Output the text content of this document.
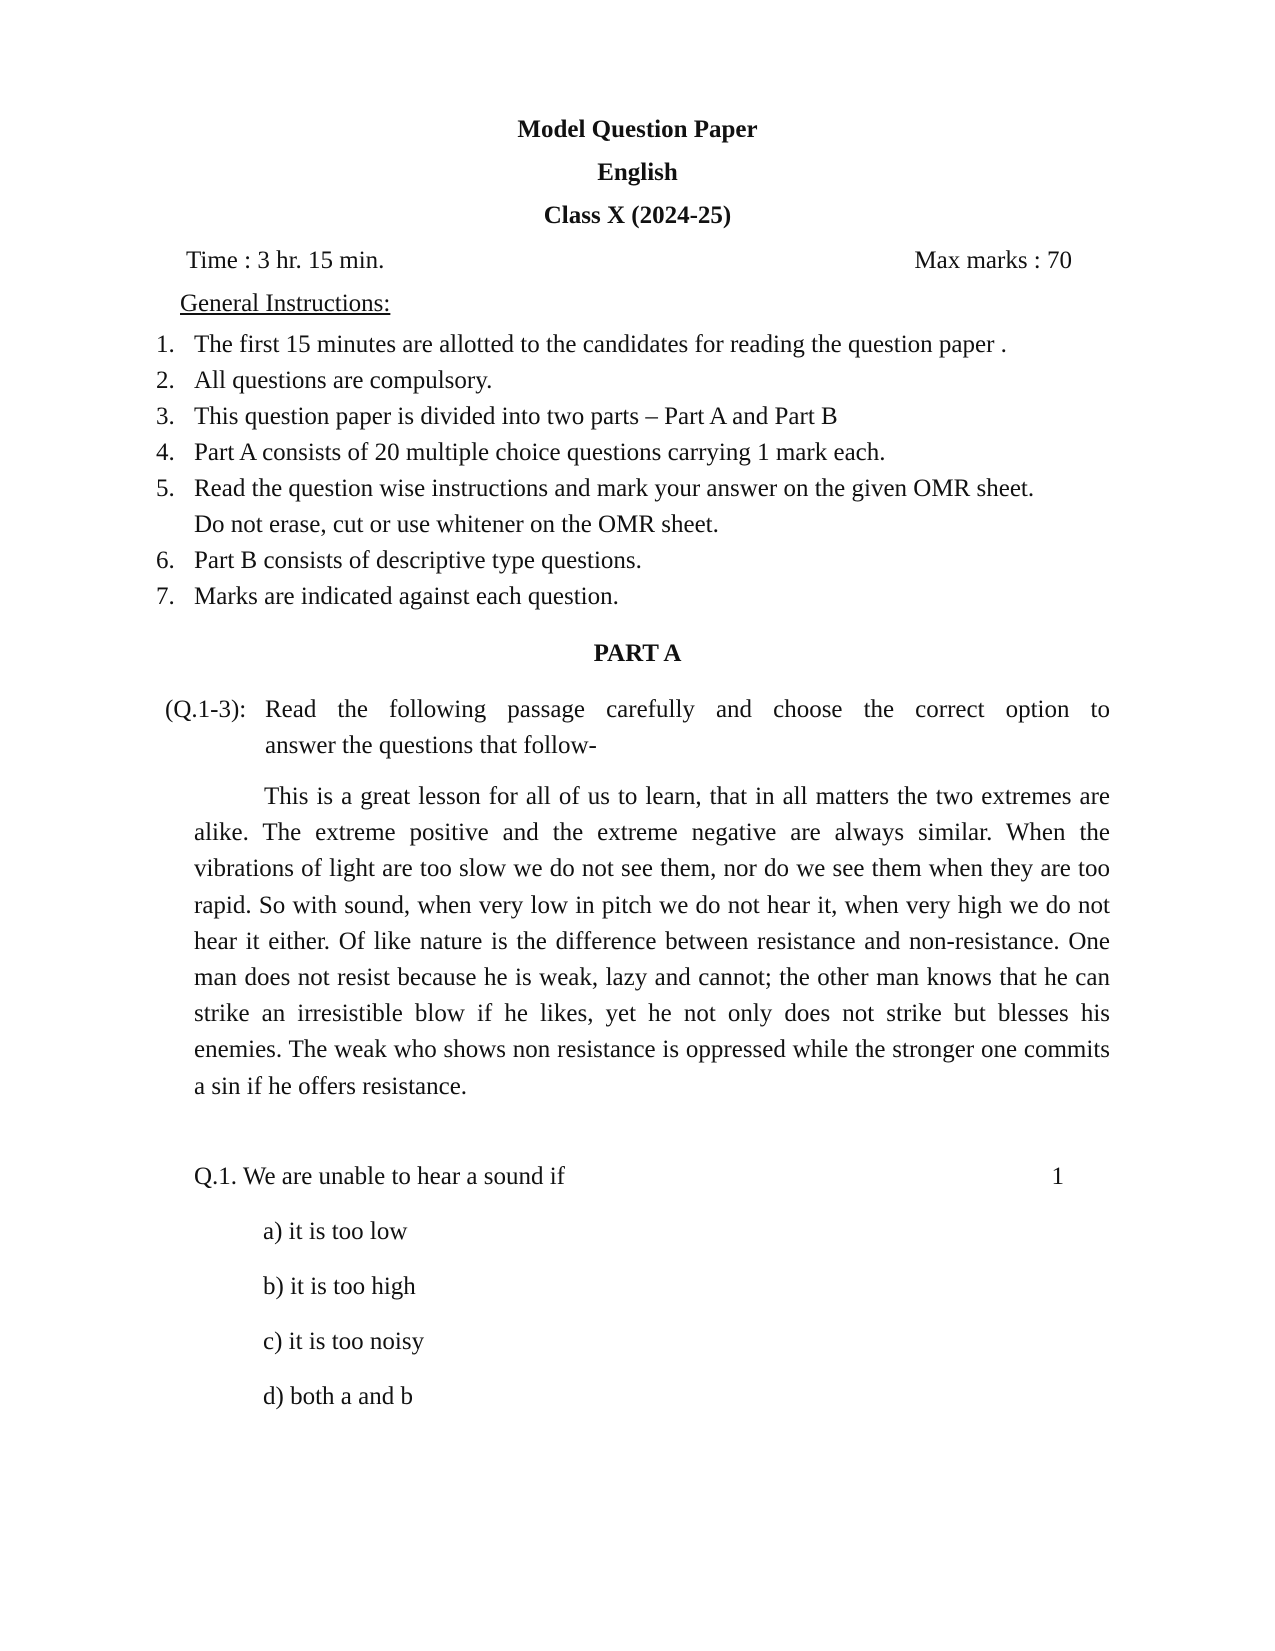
Model Question Paper
English
Class X (2024-25)
Time : 3 hr. 15 min.	Max marks : 70
General Instructions:
1. The first 15 minutes are allotted to the candidates for reading the question paper .
2. All questions are compulsory.
3. This question paper is divided into two parts – Part A and Part B
4. Part A consists of 20 multiple choice questions carrying 1 mark each.
5. Read the question wise instructions and mark your answer on the given OMR sheet. Do not erase, cut or use whitener on the OMR sheet.
6. Part B consists of descriptive type questions.
7. Marks are indicated against each question.
PART A
(Q.1-3): Read the following passage carefully and choose the correct option to
answer the questions that follow-

This is a great lesson for all of us to learn, that in all matters the two extremes are alike. The extreme positive and the extreme negative are always similar. When the vibrations of light are too slow we do not see them, nor do we see them when they are too rapid. So with sound, when very low in pitch we do not hear it, when very high we do not hear it either. Of like nature is the difference between resistance and non-resistance. One man does not resist because he is weak, lazy and cannot; the other man knows that he can strike an irresistible blow if he likes, yet he not only does not strike but blesses his enemies. The weak who shows non resistance is oppressed while the stronger one commits a sin if he offers resistance.

Q.1. We are unable to hear a sound if	1
a) it is too low
b) it is too high
c) it is too noisy
d) both a and b
